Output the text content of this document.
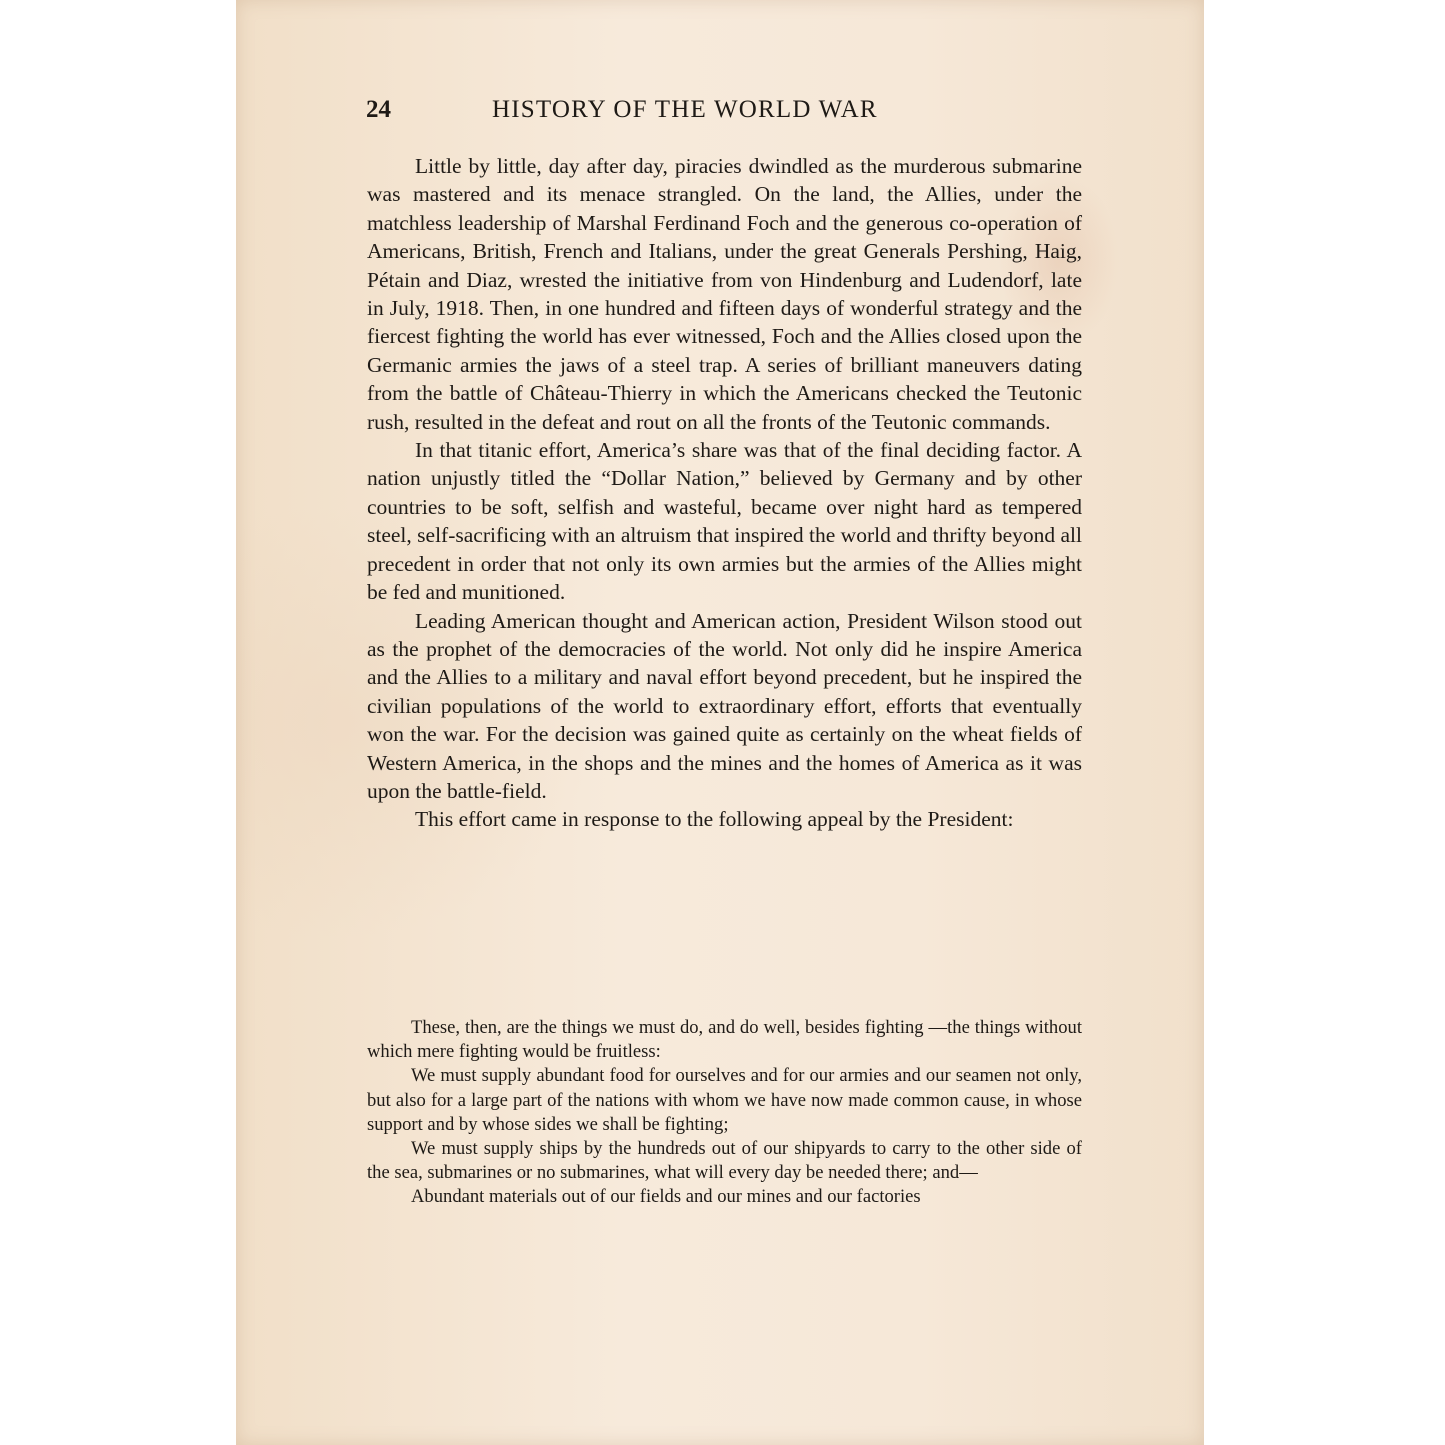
24	HISTORY OF THE WORLD WAR

Little by little, day after day, piracies dwindled as the murderous submarine was mastered and its menace strangled. On the land, the Allies, under the matchless leadership of Marshal Ferdinand Foch and the generous co-operation of Americans, British, French and Italians, under the great Generals Pershing, Haig, Pétain and Diaz, wrested the initiative from von Hindenburg and Ludendorf, late in July, 1918. Then, in one hundred and fifteen days of wonderful strategy and the fiercest fighting the world has ever witnessed, Foch and the Allies closed upon the Germanic armies the jaws of a steel trap. A series of brilliant maneuvers dating from the battle of Château-Thierry in which the Americans checked the Teutonic rush, resulted in the defeat and rout on all the fronts of the Teutonic commands.

In that titanic effort, America’s share was that of the final deciding factor. A nation unjustly titled the “Dollar Nation,” believed by Germany and by other countries to be soft, selfish and wasteful, became over night hard as tempered steel, self-sacrificing with an altruism that inspired the world and thrifty beyond all precedent in order that not only its own armies but the armies of the Allies might be fed and munitioned.

Leading American thought and American action, President Wilson stood out as the prophet of the democracies of the world. Not only did he inspire America and the Allies to a military and naval effort beyond precedent, but he inspired the civilian populations of the world to extraordinary effort, efforts that eventually won the war. For the decision was gained quite as certainly on the wheat fields of Western America, in the shops and the mines and the homes of America as it was upon the battle-field.

This effort came in response to the following appeal by the President:

These, then, are the things we must do, and do well, besides fighting —the things without which mere fighting would be fruitless:

We must supply abundant food for ourselves and for our armies and our seamen not only, but also for a large part of the nations with whom we have now made common cause, in whose support and by whose sides we shall be fighting;

We must supply ships by the hundreds out of our shipyards to carry to the other side of the sea, submarines or no submarines, what will every day be needed there; and—

Abundant materials out of our fields and our mines and our factories
